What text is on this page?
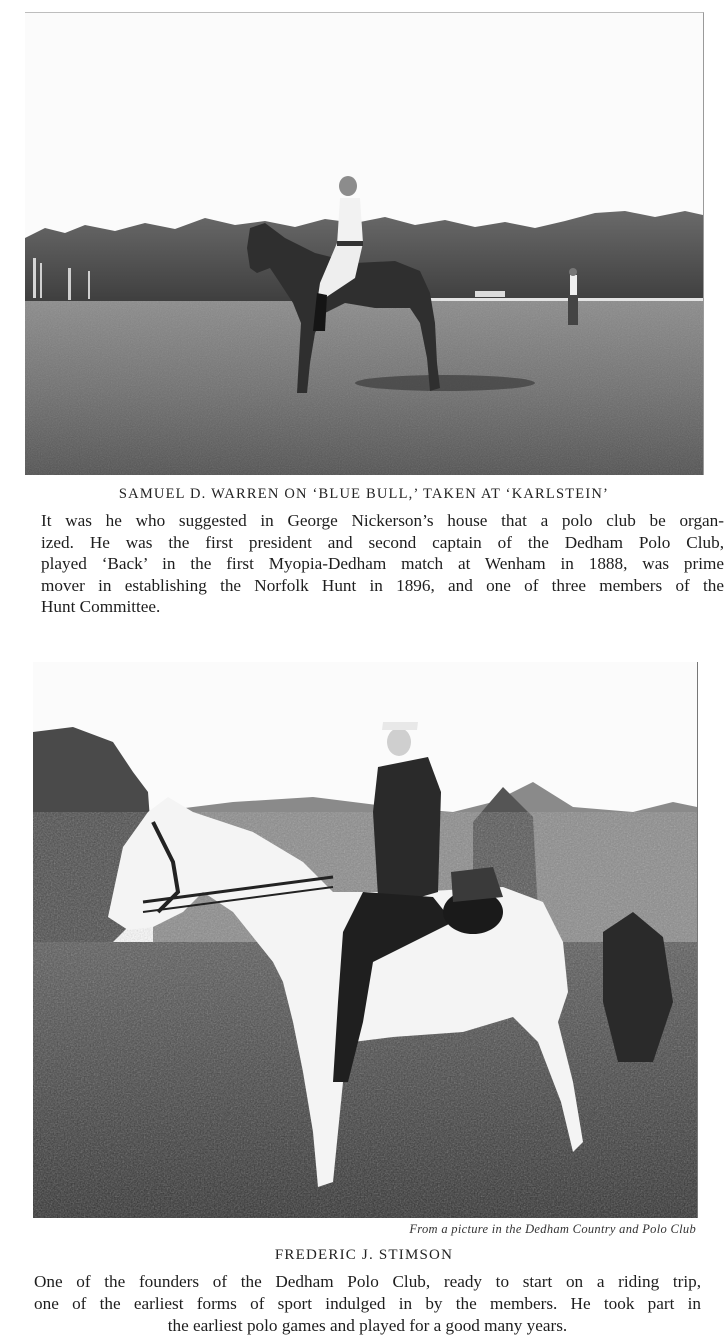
SAMUEL D. WARREN ON ‘BLUE BULL,’ TAKEN AT ‘KARLSTEIN’
It was he who suggested in George Nickerson’s house that a polo club be organ-
ized. He was the first president and second captain of the Dedham Polo Club,
played ‘Back’ in the first Myopia-Dedham match at Wenham in 1888, was prime
mover in establishing the Norfolk Hunt in 1896, and one of three members of the
Hunt Committee.
From a picture in the Dedham Country and Polo Club
FREDERIC J. STIMSON
One of the founders of the Dedham Polo Club, ready to start on a riding trip,
one of the earliest forms of sport indulged in by the members. He took part in
the earliest polo games and played for a good many years.
